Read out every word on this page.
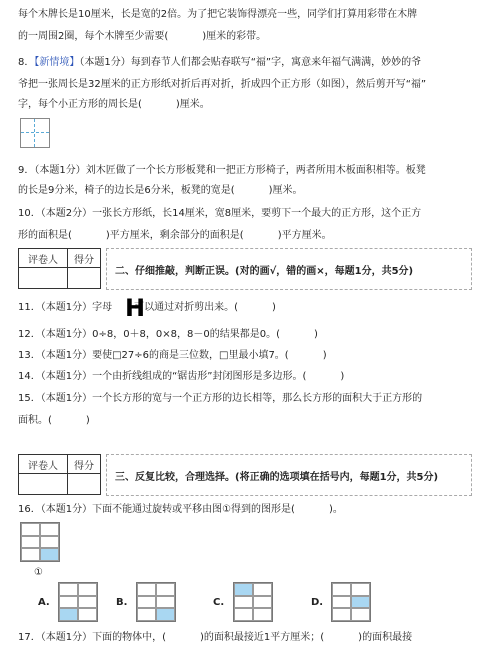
每个木牌长是10厘米，长是宽的2倍。为了把它装饰得漂亮一些，同学们打算用彩带在木牌
的一周围2圈，每个木牌至少需要(	)厘米的彩带。
8．【新情境】（本题1分）每到春节人们都会贴春联写“福”字，寓意来年福气满满，妙妙的爷
爷把一张周长是32厘米的正方形纸对折后再对折，折成四个正方形（如图），然后剪开写“福”
字，每个小正方形的周长是(	)厘米。
9．（本题1分）刘木匠做了一个长方形板凳和一把正方形椅子，两者所用木板面积相等。板凳
的长是9分米，椅子的边长是6分米，板凳的宽是(	)厘米。
10．（本题2分）一张长方形纸，长14厘米，宽8厘米，要剪下一个最大的正方形，这个正方
形的面积是(	)平方厘米，剩余部分的面积是(	)平方厘米。
评卷人	得分

二、仔细推敲，判断正误。(对的画√，错的画×，每题1分，共5分)
11．（本题1分）字母 可以通过对折剪出来。(	)
H
12．（本题1分）0÷8，0＋8，0×8，8－0的结果都是0。(	)
13．（本题1分）要使□27÷6的商是三位数，□里最小填7。(	)
14．（本题1分）一个由折线组成的“锯齿形”封闭图形是多边形。(	)
15．（本题1分）一个长方形的宽与一个正方形的边长相等，那么长方形的面积大于正方形的
面积。(	)
评卷人	得分

三、反复比较，合理选择。(将正确的选项填在括号内，每题1分，共5分)
16．（本题1分）下面不能通过旋转或平移由图①得到的图形是(	)。
①
A.	B.	C.	D.
17．（本题1分）下面的物体中，(	)的面积最接近1平方厘米；(	)的面积最接
